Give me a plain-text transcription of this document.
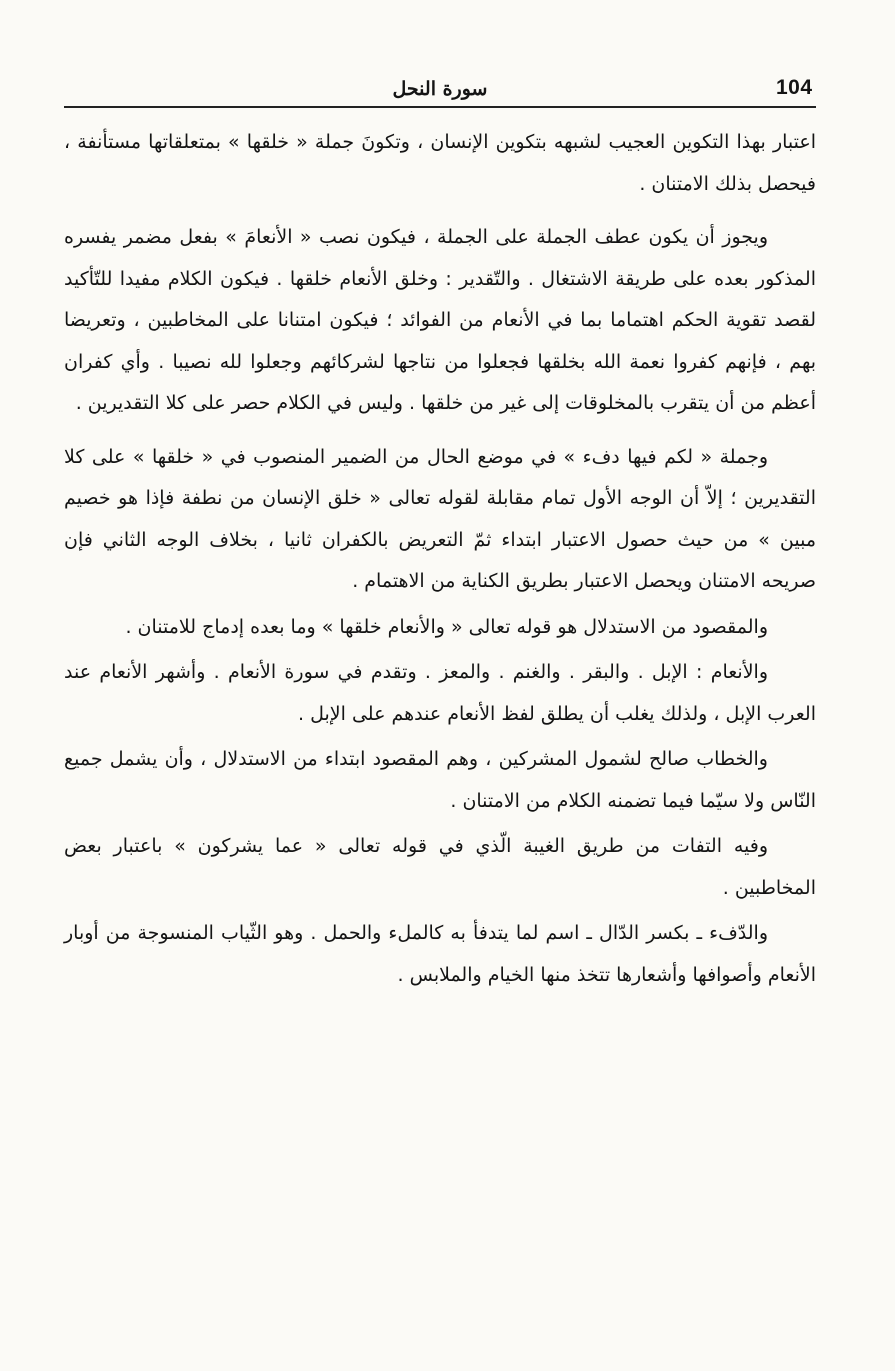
104
سورة النحل

اعتبار بهذا التكوين العجيب لشبهه بتكوين الإنسان ، وتكونَ جملة « خلقها » بمتعلقاتها مستأنفة ، فيحصل بذلك الامتنان .

ويجوز أن يكون عطف الجملة على الجملة ، فيكون نصب « الأنعامَ » بفعل مضمر يفسره المذكور بعده على طريقة الاشتغال . والتّقدير : وخلق الأنعام خلقها . فيكون الكلام مفيدا للتّأكيد لقصد تقوية الحكم اهتماما بما في الأنعام من الفوائد ؛ فيكون امتنانا على المخاطبين ، وتعريضا بهم ، فإنهم كفروا نعمة الله بخلقها فجعلوا من نتاجها لشركائهم وجعلوا لله نصيبا . وأي كفران أعظم من أن يتقرب بالمخلوقات إلى غير من خلقها . وليس في الكلام حصر على كلا التقديرين .

وجملة « لكم فيها دفء » في موضع الحال من الضمير المنصوب في « خلقها » على كلا التقديرين ؛ إلاّ أن الوجه الأول تمام مقابلة لقوله تعالى « خلق الإنسان من نطفة فإذا هو خصيم مبين » من حيث حصول الاعتبار ابتداء ثمّ التعريض بالكفران ثانيا ، بخلاف الوجه الثاني فإن صريحه الامتنان ويحصل الاعتبار بطريق الكناية من الاهتمام .

والمقصود من الاستدلال هو قوله تعالى « والأنعام خلقها » وما بعده إدماج للامتنان .

والأنعام : الإبل . والبقر . والغنم . والمعز . وتقدم في سورة الأنعام . وأشهر الأنعام عند العرب الإبل ، ولذلك يغلب أن يطلق لفظ الأنعام عندهم على الإبل .

والخطاب صالح لشمول المشركين ، وهم المقصود ابتداء من الاستدلال ، وأن يشمل جميع النّاس ولا سيّما فيما تضمنه الكلام من الامتنان .

وفيه التفات من طريق الغيبة الّذي في قوله تعالى « عما يشركون » باعتبار بعض المخاطبين .

والدّفء ـ بكسر الدّال ـ اسم لما يتدفأ به كالملء والحمل . وهو الثّياب المنسوجة من أوبار الأنعام وأصوافها وأشعارها تتخذ منها الخيام والملابس .
